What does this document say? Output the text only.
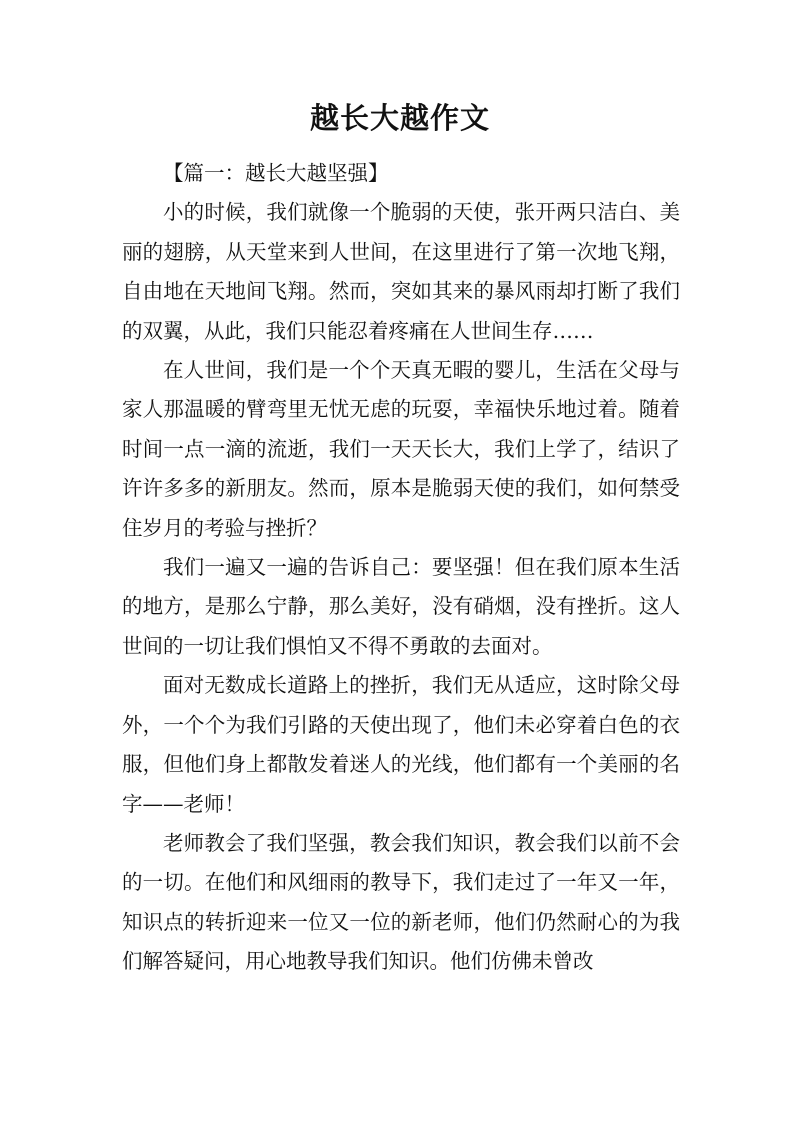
越长大越作文

【篇一：越长大越坚强】

小的时候，我们就像一个脆弱的天使，张开两只洁白、美丽的翅膀，从天堂来到人世间，在这里进行了第一次地飞翔，自由地在天地间飞翔。然而，突如其来的暴风雨却打断了我们的双翼，从此，我们只能忍着疼痛在人世间生存……

在人世间，我们是一个个天真无暇的婴儿，生活在父母与家人那温暖的臂弯里无忧无虑的玩耍，幸福快乐地过着。随着时间一点一滴的流逝，我们一天天长大，我们上学了，结识了许许多多的新朋友。然而，原本是脆弱天使的我们，如何禁受住岁月的考验与挫折？

我们一遍又一遍的告诉自己：要坚强！但在我们原本生活的地方，是那么宁静，那么美好，没有硝烟，没有挫折。这人世间的一切让我们惧怕又不得不勇敢的去面对。

面对无数成长道路上的挫折，我们无从适应，这时除父母外，一个个为我们引路的天使出现了，他们未必穿着白色的衣服，但他们身上都散发着迷人的光线，他们都有一个美丽的名字——老师！

老师教会了我们坚强，教会我们知识，教会我们以前不会的一切。在他们和风细雨的教导下，我们走过了一年又一年，知识点的转折迎来一位又一位的新老师，他们仍然耐心的为我们解答疑问，用心地教导我们知识。他们仿佛未曾改
